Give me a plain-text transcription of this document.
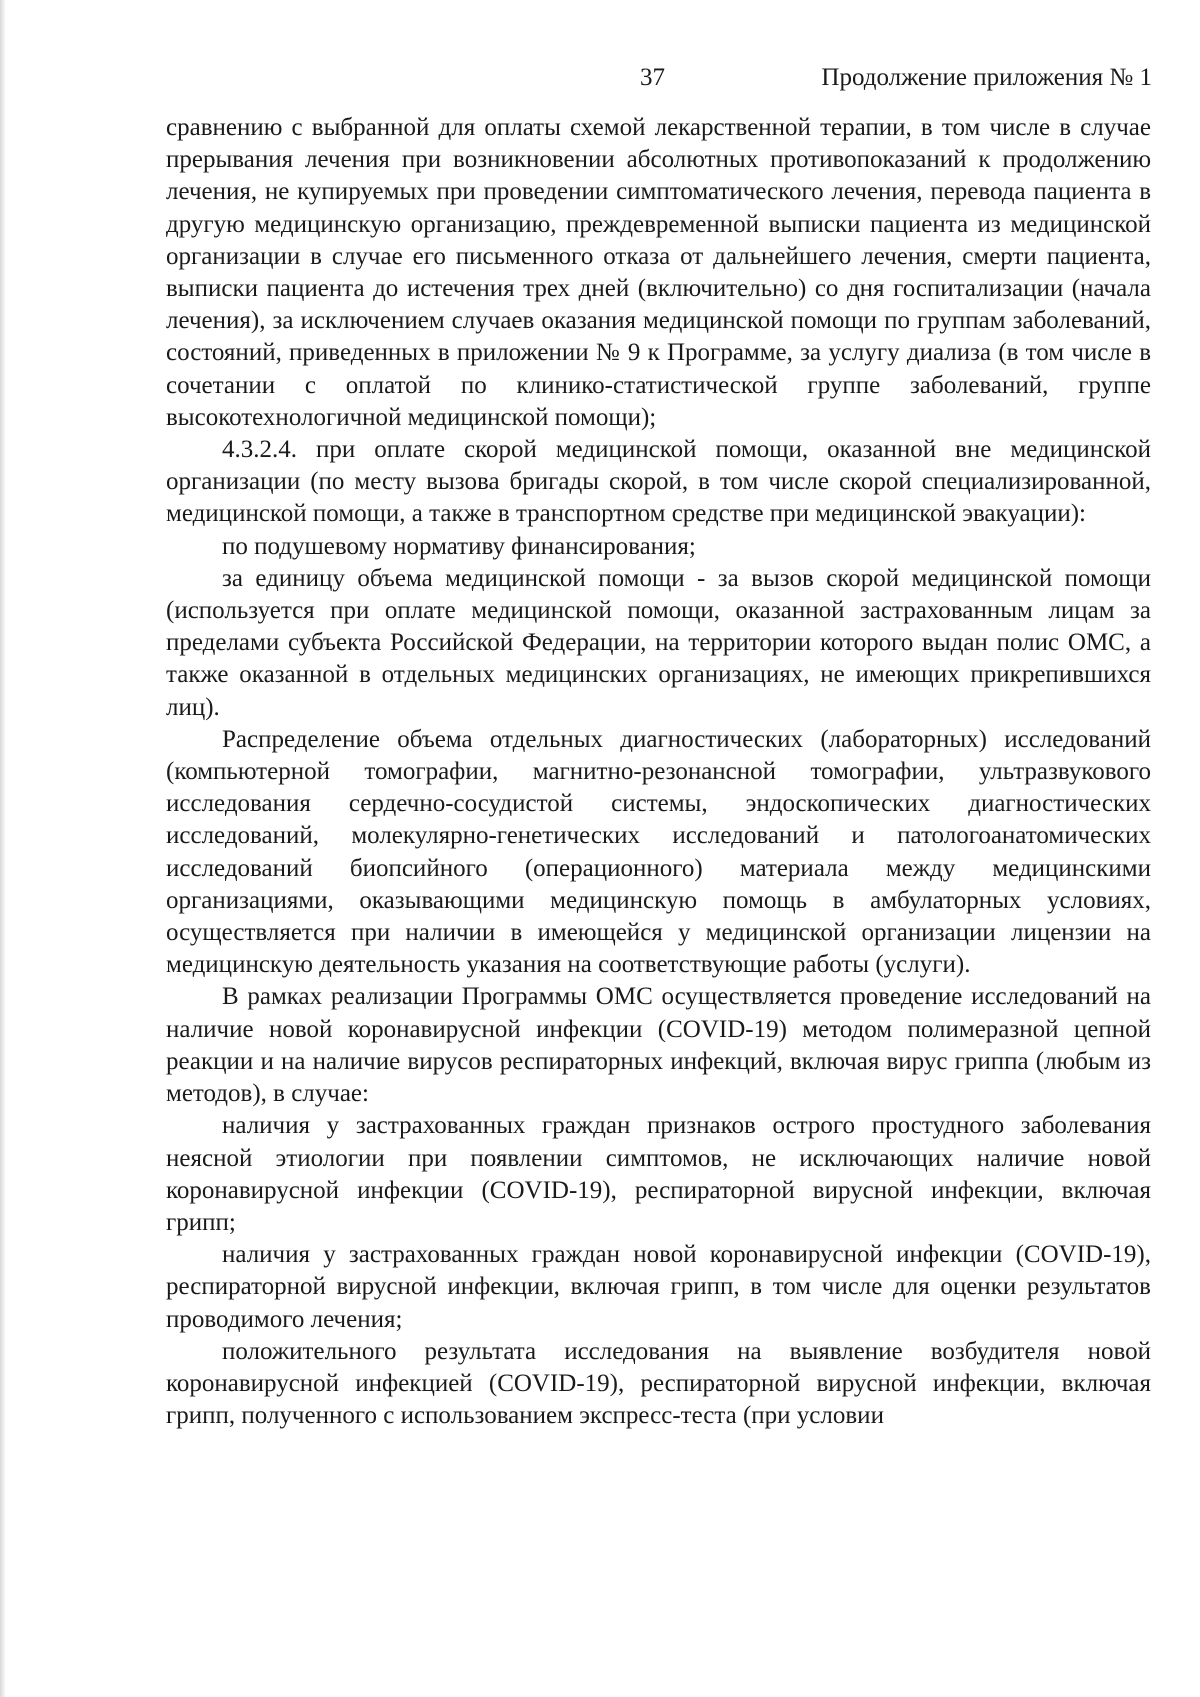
37	Продолжение приложения № 1

сравнению с выбранной для оплаты схемой лекарственной терапии, в том числе в случае прерывания лечения при возникновении абсолютных противопоказаний к продолжению лечения, не купируемых при проведении симптоматического лечения, перевода пациента в другую медицинскую организацию, преждевременной выписки пациента из медицинской организации в случае его письменного отказа от дальнейшего лечения, смерти пациента, выписки пациента до истечения трех дней (включительно) со дня госпитализации (начала лечения), за исключением случаев оказания медицинской помощи по группам заболеваний, состояний, приведенных в приложении № 9 к Программе, за услугу диализа (в том числе в сочетании с оплатой по клинико-статистической группе заболеваний, группе высокотехнологичной медицинской помощи);

4.3.2.4. при оплате скорой медицинской помощи, оказанной вне медицинской организации (по месту вызова бригады скорой, в том числе скорой специализированной, медицинской помощи, а также в транспортном средстве при медицинской эвакуации):

по подушевому нормативу финансирования;

за единицу объема медицинской помощи - за вызов скорой медицинской помощи (используется при оплате медицинской помощи, оказанной застрахованным лицам за пределами субъекта Российской Федерации, на территории которого выдан полис ОМС, а также оказанной в отдельных медицинских организациях, не имеющих прикрепившихся лиц).

Распределение объема отдельных диагностических (лабораторных) исследований (компьютерной томографии, магнитно-резонансной томографии, ультразвукового исследования сердечно-сосудистой системы, эндоскопических диагностических исследований, молекулярно-генетических исследований и патологоанатомических исследований биопсийного (операционного) материала между медицинскими организациями, оказывающими медицинскую помощь в амбулаторных условиях, осуществляется при наличии в имеющейся у медицинской организации лицензии на медицинскую деятельность указания на соответствующие работы (услуги).

В рамках реализации Программы ОМС осуществляется проведение исследований на наличие новой коронавирусной инфекции (COVID-19) методом полимеразной цепной реакции и на наличие вирусов респираторных инфекций, включая вирус гриппа (любым из методов), в случае:

наличия у застрахованных граждан признаков острого простудного заболевания неясной этиологии при появлении симптомов, не исключающих наличие новой коронавирусной инфекции (COVID-19), респираторной вирусной инфекции, включая грипп;

наличия у застрахованных граждан новой коронавирусной инфекции (COVID-19), респираторной вирусной инфекции, включая грипп, в том числе для оценки результатов проводимого лечения;

положительного результата исследования на выявление возбудителя новой коронавирусной инфекцией (COVID-19), респираторной вирусной инфекции, включая грипп, полученного с использованием экспресс-теста (при условии
